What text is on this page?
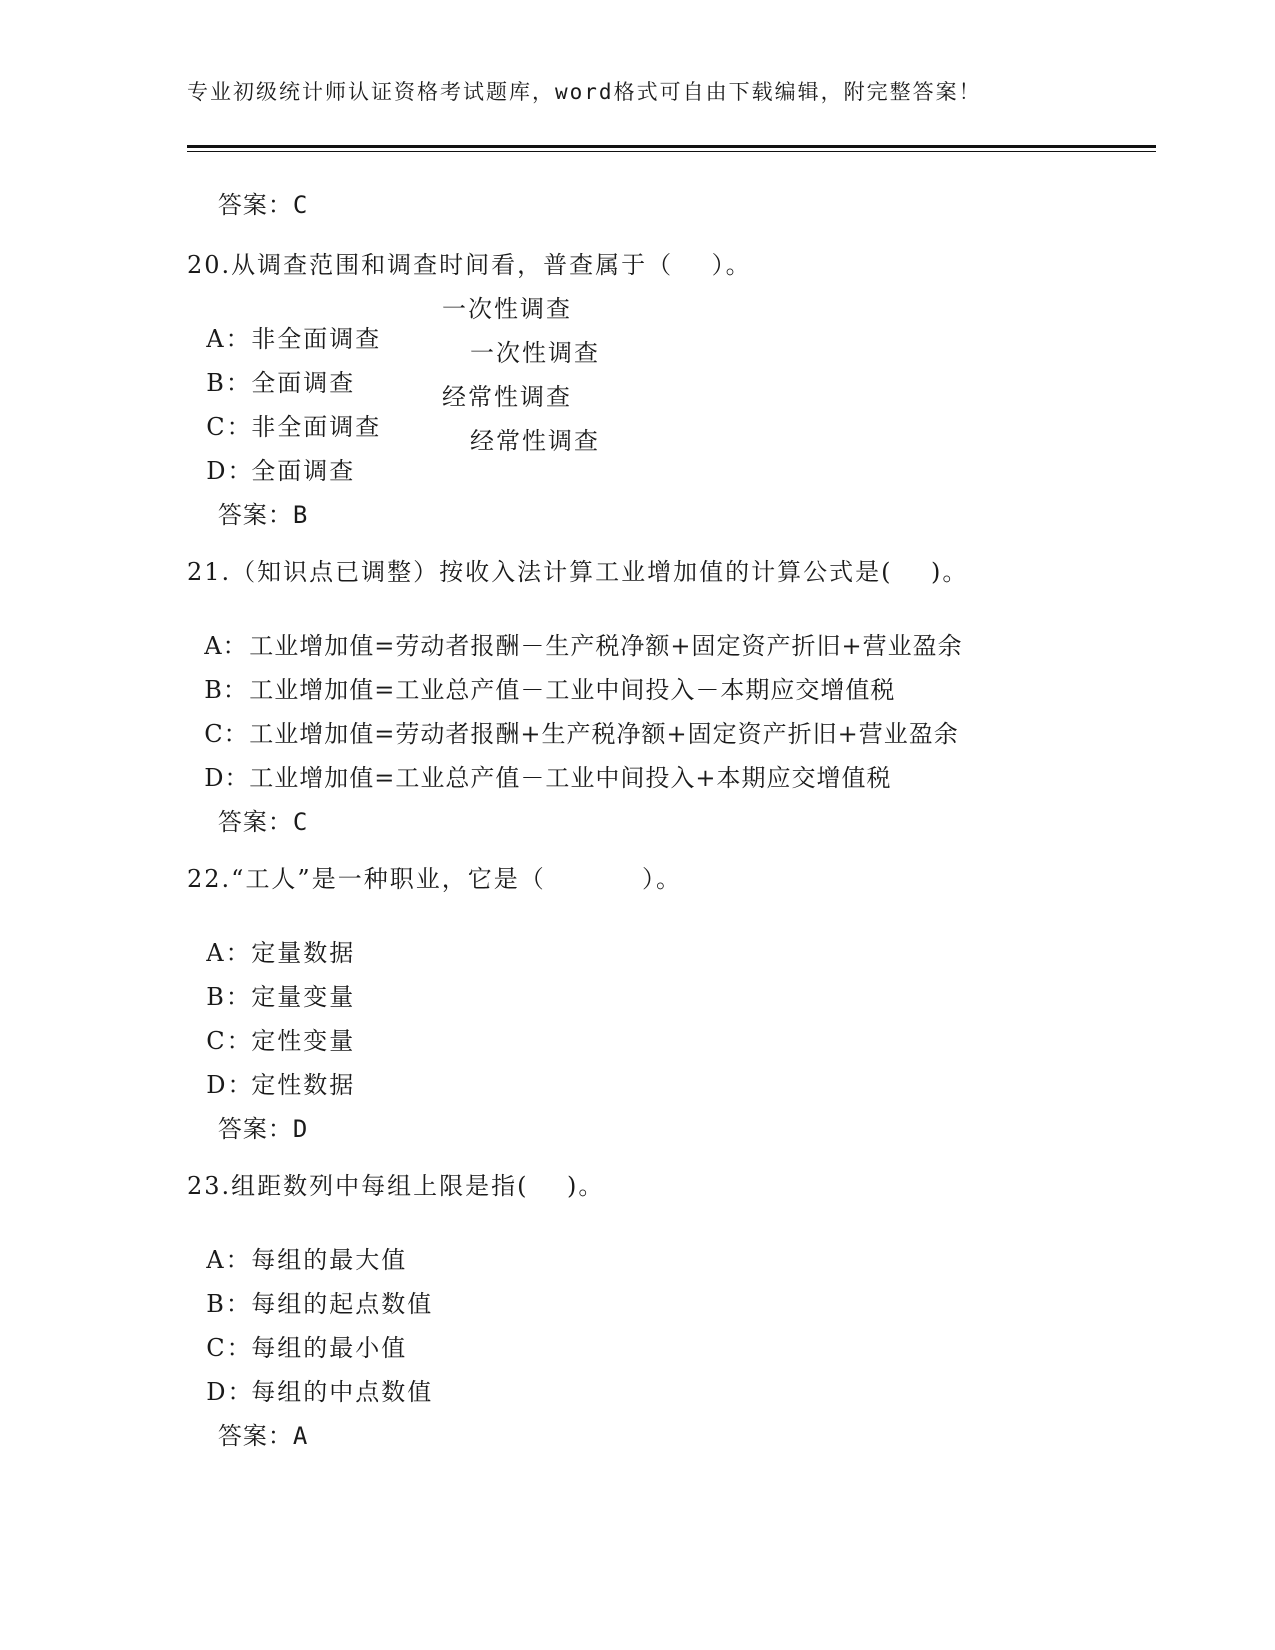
专业初级统计师认证资格考试题库，word格式可自由下载编辑，附完整答案！

答案：C

20.从调查范围和调查时间看，普查属于（    ）。

A：非全面调查
一次性调查

B：全面调查
一次性调查

C：非全面调查
经常性调查

D：全面调查
经常性调查

答案：B

21.（知识点已调整）按收入法计算工业增加值的计算公式是(    )。

A：工业增加值=劳动者报酬－生产税净额+固定资产折旧+营业盈余

B：工业增加值=工业总产值－工业中间投入－本期应交增值税

C：工业增加值=劳动者报酬+生产税净额+固定资产折旧+营业盈余

D：工业增加值=工业总产值－工业中间投入+本期应交增值税

答案：C

22.“工人”是一种职业，它是（          ）。

A：定量数据

B：定量变量

C：定性变量

D：定性数据

答案：D

23.组距数列中每组上限是指(    )。

A：每组的最大值

B：每组的起点数值

C：每组的最小值

D：每组的中点数值

答案：A
